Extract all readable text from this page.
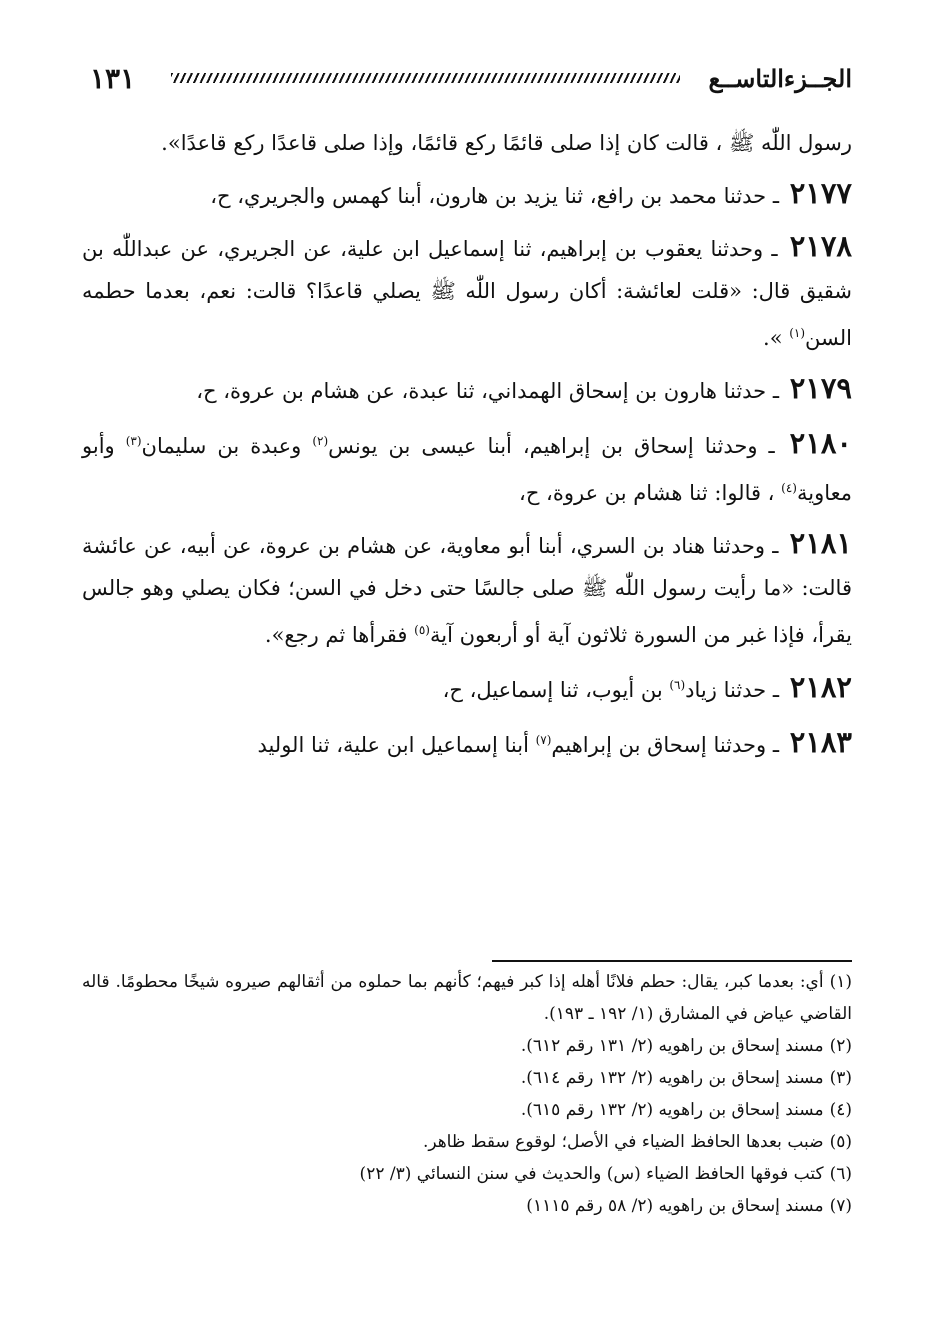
الجــزءالتاســع
١٣١

رسول اللّٰه ﷺ ، قالت كان إذا صلى قائمًا ركع قائمًا، وإذا صلى قاعدًا ركع قاعدًا».

٢١٧٧ ـ حدثنا محمد بن رافع، ثنا يزيد بن هارون، أبنا كهمس والجريري، ح،

٢١٧٨ ـ وحدثنا يعقوب بن إبراهيم، ثنا إسماعيل ابن علية، عن الجريري، عن عبداللّٰه بن شقيق قال: «قلت لعائشة: أكان رسول اللّٰه ﷺ يصلي قاعدًا؟ قالت: نعم، بعدما حطمه السن$^{(١)}$ ».

٢١٧٩ ـ حدثنا هارون بن إسحاق الهمداني، ثنا عبدة، عن هشام بن عروة، ح،

٢١٨٠ ـ وحدثنا إسحاق بن إبراهيم، أبنا عيسى بن يونس$^{(٢)}$ وعبدة بن سليمان$^{(٣)}$ وأبو معاوية$^{(٤)}$ ، قالوا: ثنا هشام بن عروة، ح،

٢١٨١ ـ وحدثنا هناد بن السري، أبنا أبو معاوية، عن هشام بن عروة، عن أبيه، عن عائشة قالت: «ما رأيت رسول اللّٰه ﷺ صلى جالسًا حتى دخل في السن؛ فكان يصلي وهو جالس يقرأ، فإذا غبر من السورة ثلاثون آية أو أربعون آية$^{(٥)}$ فقرأها ثم رجع».

٢١٨٢ ـ حدثنا زياد$^{(٦)}$ بن أيوب، ثنا إسماعيل، ح،

٢١٨٣ ـ وحدثنا إسحاق بن إبراهيم$^{(٧)}$ أبنا إسماعيل ابن علية، ثنا الوليد

(١)أي: بعدما كبر، يقال: حطم فلانًا أهله إذا كبر فيهم؛ كأنهم بما حملوه من أثقالهم صيروه شيخًا محطومًا. قاله القاضي عياض في المشارق (١/ ١٩٢ ـ ١٩٣).

(٢)مسند إسحاق بن راهويه (٢/ ١٣١ رقم ٦١٢).

(٣)مسند إسحاق بن راهويه (٢/ ١٣٢ رقم ٦١٤).

(٤)مسند إسحاق بن راهويه (٢/ ١٣٢ رقم ٦١٥).

(٥)ضبب بعدها الحافظ الضياء في الأصل؛ لوقوع سقط ظاهر.

(٦)كتب فوقها الحافظ الضياء (س) والحديث في سنن النسائي (٣/ ٢٢)

(٧)مسند إسحاق بن راهويه (٢/ ٥٨ رقم ١١١٥)
